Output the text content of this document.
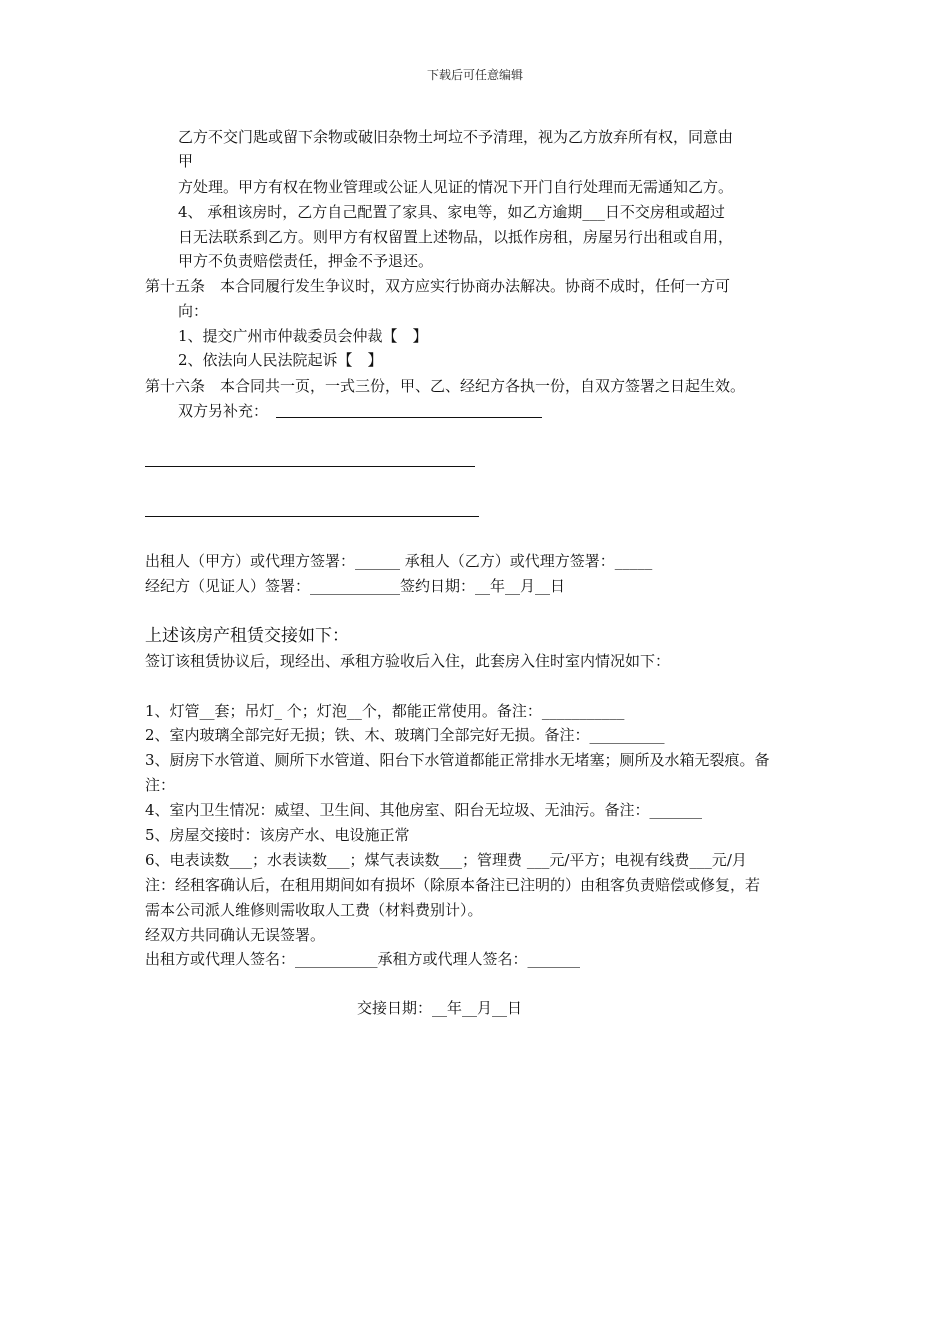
下载后可任意编辑
乙方不交门匙或留下余物或破旧杂物土坷垃不予清理，视为乙方放弃所有权，同意由
甲
方处理。甲方有权在物业管理或公证人见证的情况下开门自行处理而无需通知乙方。
4、 承租该房时，乙方自己配置了家具、家电等，如乙方逾期___日不交房租或超过
日无法联系到乙方。则甲方有权留置上述物品，以抵作房租，房屋另行出租或自用，
甲方不负责赔偿责任，押金不予退还。
第十五条　本合同履行发生争议时，双方应实行协商办法解决。协商不成时，任何一方可
向：
1、提交广州市仲裁委员会仲裁【　】
2、依法向人民法院起诉【　】
第十六条　本合同共一页，一式三份，甲、乙、经纪方各执一份，自双方签署之日起生效。
双方另补充：
出租人（甲方）或代理方签署：______ 承租人（乙方）或代理方签署：_____
经纪方（见证人）签署：____________签约日期：__年__月__日
上述该房产租赁交接如下：
签订该租赁协议后，现经出、承租方验收后入住，此套房入住时室内情况如下：
1、灯管__套；吊灯_ 个；灯泡__个，都能正常使用。备注：___________
2、室内玻璃全部完好无损；铁、木、玻璃门全部完好无损。备注：__________
3、厨房下水管道、厕所下水管道、阳台下水管道都能正常排水无堵塞；厕所及水箱无裂痕。备
注：
4、室内卫生情况：威望、卫生间、其他房室、阳台无垃圾、无油污。备注：_______
5、房屋交接时：该房产水、电设施正常
6、电表读数___；水表读数___；煤气表读数___；管理费 ___元/平方；电视有线费___元/月
注：经租客确认后，在租用期间如有损坏（除原本备注已注明的）由租客负责赔偿或修复，若
需本公司派人维修则需收取人工费（材料费别计）。
经双方共同确认无误签署。
出租方或代理人签名：___________承租方或代理人签名：_______
交接日期：__年__月__日
